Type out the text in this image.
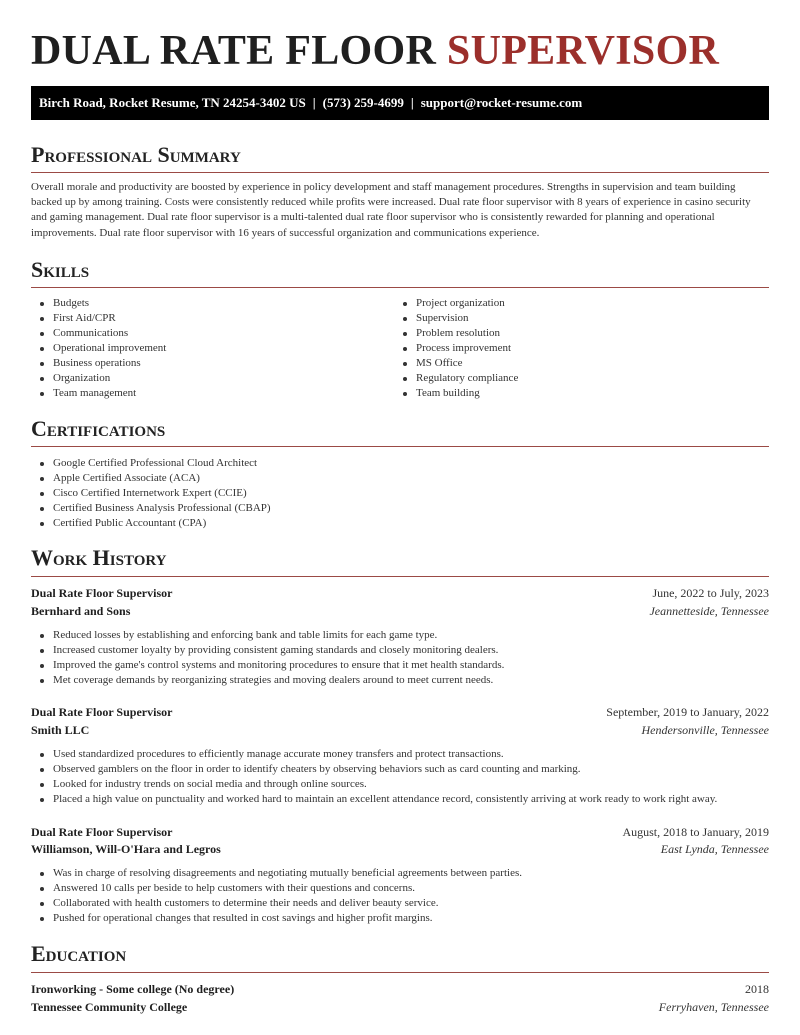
DUAL RATE FLOOR SUPERVISOR
Birch Road, Rocket Resume, TN 24254-3402 US | (573) 259-4699 | support@rocket-resume.com
Professional Summary

Overall morale and productivity are boosted by experience in policy development and staff management procedures. Strengths in supervision and team building backed up by among training. Costs were consistently reduced while profits were increased. Dual rate floor supervisor with 8 years of experience in casino security and gaming management. Dual rate floor supervisor is a multi-talented dual rate floor supervisor who is consistently rewarded for planning and operational improvements. Dual rate floor supervisor with 16 years of successful organization and communications experience.

Skills
Budgets
First Aid/CPR
Communications
Operational improvement
Business operations
Organization
Team management
Project organization
Supervision
Problem resolution
Process improvement
MS Office
Regulatory compliance
Team building
Certifications
Google Certified Professional Cloud Architect
Apple Certified Associate (ACA)
Cisco Certified Internetwork Expert (CCIE)
Certified Business Analysis Professional (CBAP)
Certified Public Accountant (CPA)
Work History
Dual Rate Floor Supervisor	June, 2022 to July, 2023
Bernhard and Sons	Jeannetteside, Tennessee
Reduced losses by establishing and enforcing bank and table limits for each game type.
Increased customer loyalty by providing consistent gaming standards and closely monitoring dealers.
Improved the game's control systems and monitoring procedures to ensure that it met health standards.
Met coverage demands by reorganizing strategies and moving dealers around to meet current needs.
Dual Rate Floor Supervisor	September, 2019 to January, 2022
Smith LLC	Hendersonville, Tennessee
Used standardized procedures to efficiently manage accurate money transfers and protect transactions.
Observed gamblers on the floor in order to identify cheaters by observing behaviors such as card counting and marking.
Looked for industry trends on social media and through online sources.
Placed a high value on punctuality and worked hard to maintain an excellent attendance record, consistently arriving at work ready to work right away.
Dual Rate Floor Supervisor	August, 2018 to January, 2019
Williamson, Will-O'Hara and Legros	East Lynda, Tennessee
Was in charge of resolving disagreements and negotiating mutually beneficial agreements between parties.
Answered 10 calls per beside to help customers with their questions and concerns.
Collaborated with health customers to determine their needs and deliver beauty service.
Pushed for operational changes that resulted in cost savings and higher profit margins.
Education
Ironworking - Some college (No degree)	2018
Tennessee Community College	Ferryhaven, Tennessee
